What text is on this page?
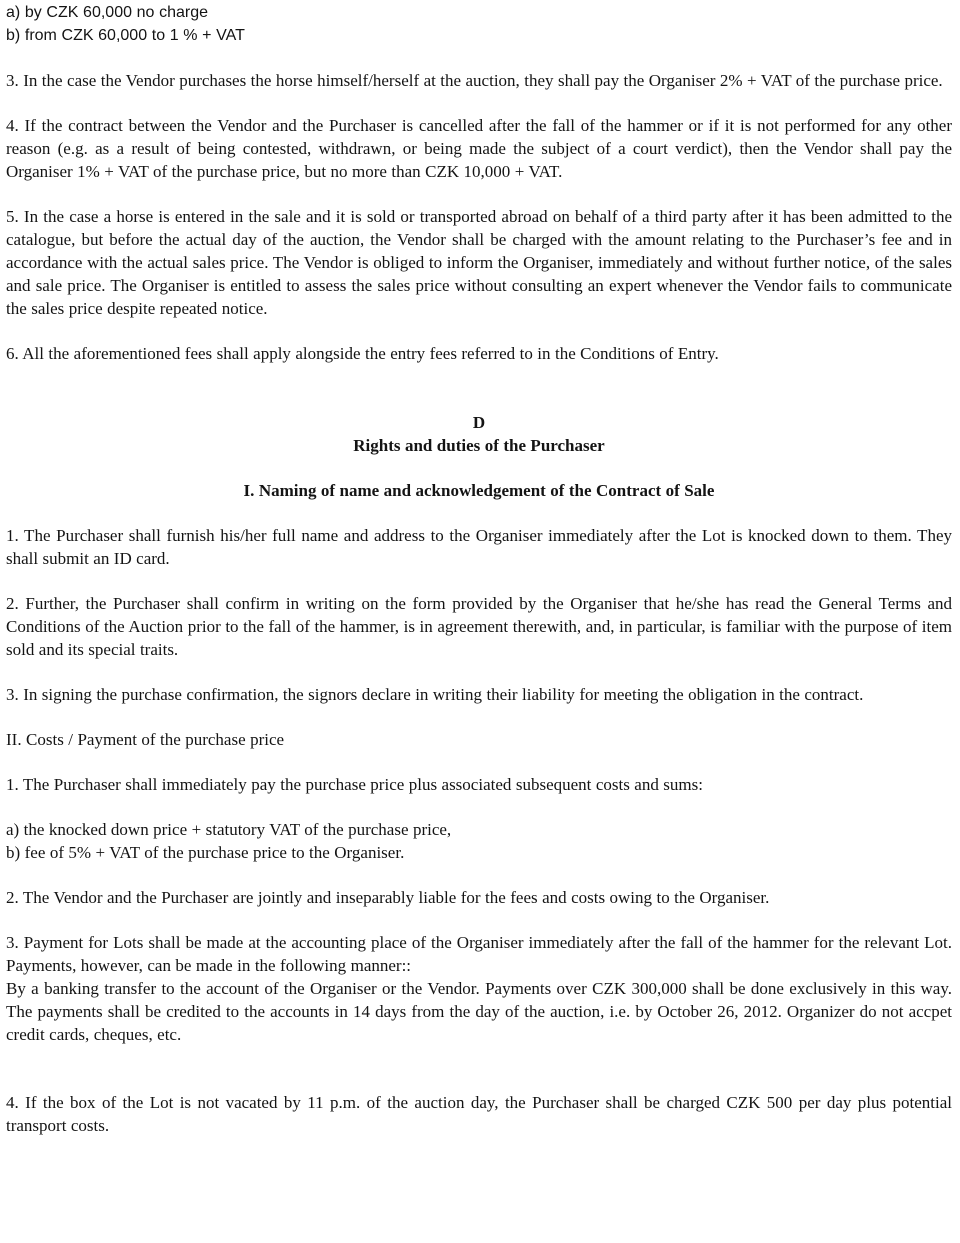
a) by CZK 60,000 no charge

b) from CZK 60,000 to 1 % + VAT

3. In the case the Vendor purchases the horse himself/herself at the auction, they shall pay the Organiser 2% + VAT of the purchase price.

4. If the contract between the Vendor and the Purchaser is cancelled after the fall of the hammer or if it is not performed for any other reason (e.g. as a result of being contested, withdrawn, or being made the subject of a court verdict), then the Vendor shall pay the Organiser 1% + VAT of the purchase price, but no more than CZK 10,000 + VAT.

5. In the case a horse is entered in the sale and it is sold or transported abroad on behalf of a third party after it has been admitted to the catalogue, but before the actual day of the auction, the Vendor shall be charged with the amount relating to the Purchaser’s fee and in accordance with the actual sales price. The Vendor is obliged to inform the Organiser, immediately and without further notice, of the sales and sale price. The Organiser is entitled to assess the sales price without consulting an expert whenever the Vendor fails to communicate the sales price despite repeated notice.

6. All the aforementioned fees shall apply alongside the entry fees referred to in the Conditions of Entry.

D

Rights and duties of the Purchaser

I. Naming of name and acknowledgement of the Contract of Sale

1. The Purchaser shall furnish his/her full name and address to the Organiser immediately after the Lot is knocked down to them. They shall submit an ID card.

2. Further, the Purchaser shall confirm in writing on the form provided by the Organiser that he/she has read the General Terms and Conditions of the Auction prior to the fall of the hammer, is in agreement therewith, and, in particular, is familiar with the purpose of item sold and its special traits.

3. In signing the purchase confirmation, the signors declare in writing their liability for meeting the obligation in the contract.

II. Costs / Payment of the purchase price

1. The Purchaser shall immediately pay the purchase price plus associated subsequent costs and sums:

a) the knocked down price + statutory VAT of the purchase price,

b) fee of 5% + VAT of the purchase price to the Organiser.

2. The Vendor and the Purchaser are jointly and inseparably liable for the fees and costs owing to the Organiser.

3. Payment for Lots shall be made at the accounting place of the Organiser immediately after the fall of the hammer for the relevant Lot. Payments, however, can be made in the following manner::

By a banking transfer to the account of the Organiser or the Vendor. Payments over CZK 300,000 shall be done exclusively in this way. The payments shall be credited to the accounts in 14 days from the day of the auction, i.e. by October 26, 2012. Organizer do not accpet credit cards, cheques, etc.

4. If the box of the Lot is not vacated by 11 p.m. of the auction day, the Purchaser shall be charged CZK 500 per day plus potential transport costs.
